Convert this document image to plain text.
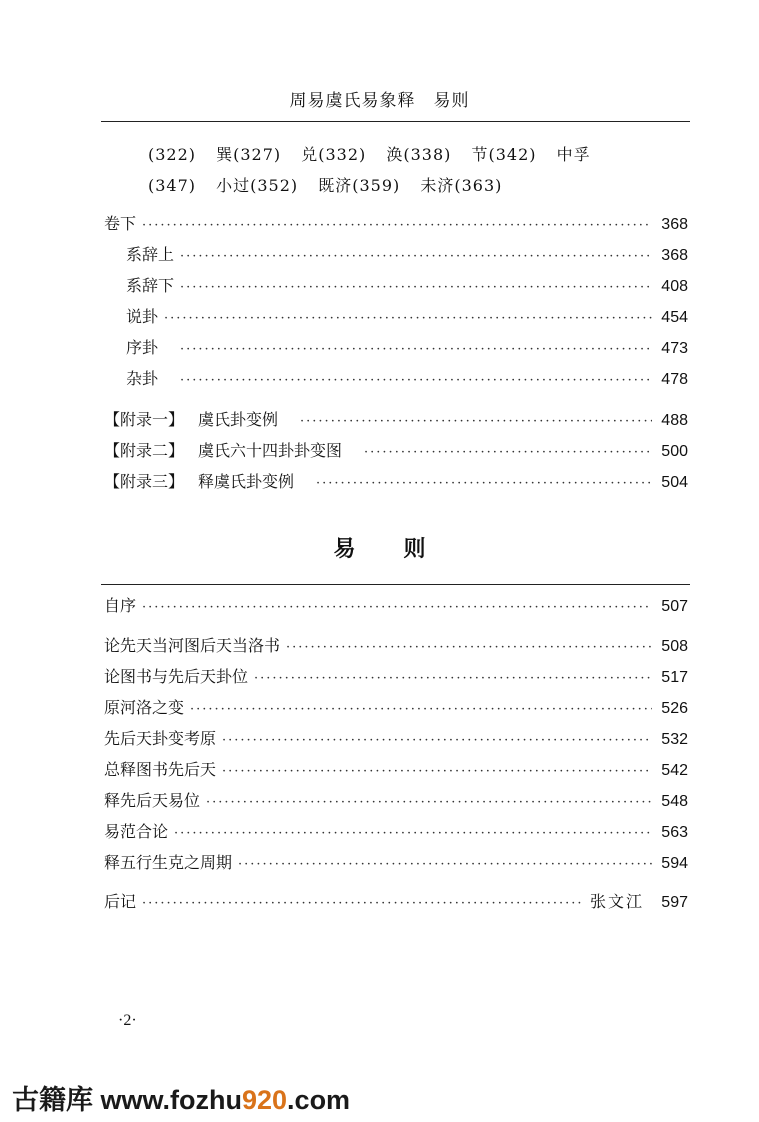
周易虞氏易象释 易则
(322) 巽(327) 兑(332) 涣(338) 节(342) 中孚
(347) 小过(352) 既济(359) 未济(363)
卷下 ·····	368
系辞上 ·····	368
系辞下 ·····	408
说卦 ·····	454
序卦 ·····	473
杂卦 ·····	478
【附录一】 虞氏卦变例 ·····	488
【附录二】 虞氏六十四卦卦变图 ·····	500
【附录三】 释虞氏卦变例 ·····	504
易则
自序 ·····	507
论先天当河图后天当洛书 ·····	508
论图书与先后天卦位 ·····	517
原河洛之变 ·····	526
先后天卦变考原 ·····	532
总释图书先后天 ·····	542
释先后天易位 ·····	548
易范合论 ·····	563
释五行生克之周期 ·····	594
后记 ·····	张文江 597
·2·
古籍库 www.fozhu920.com
